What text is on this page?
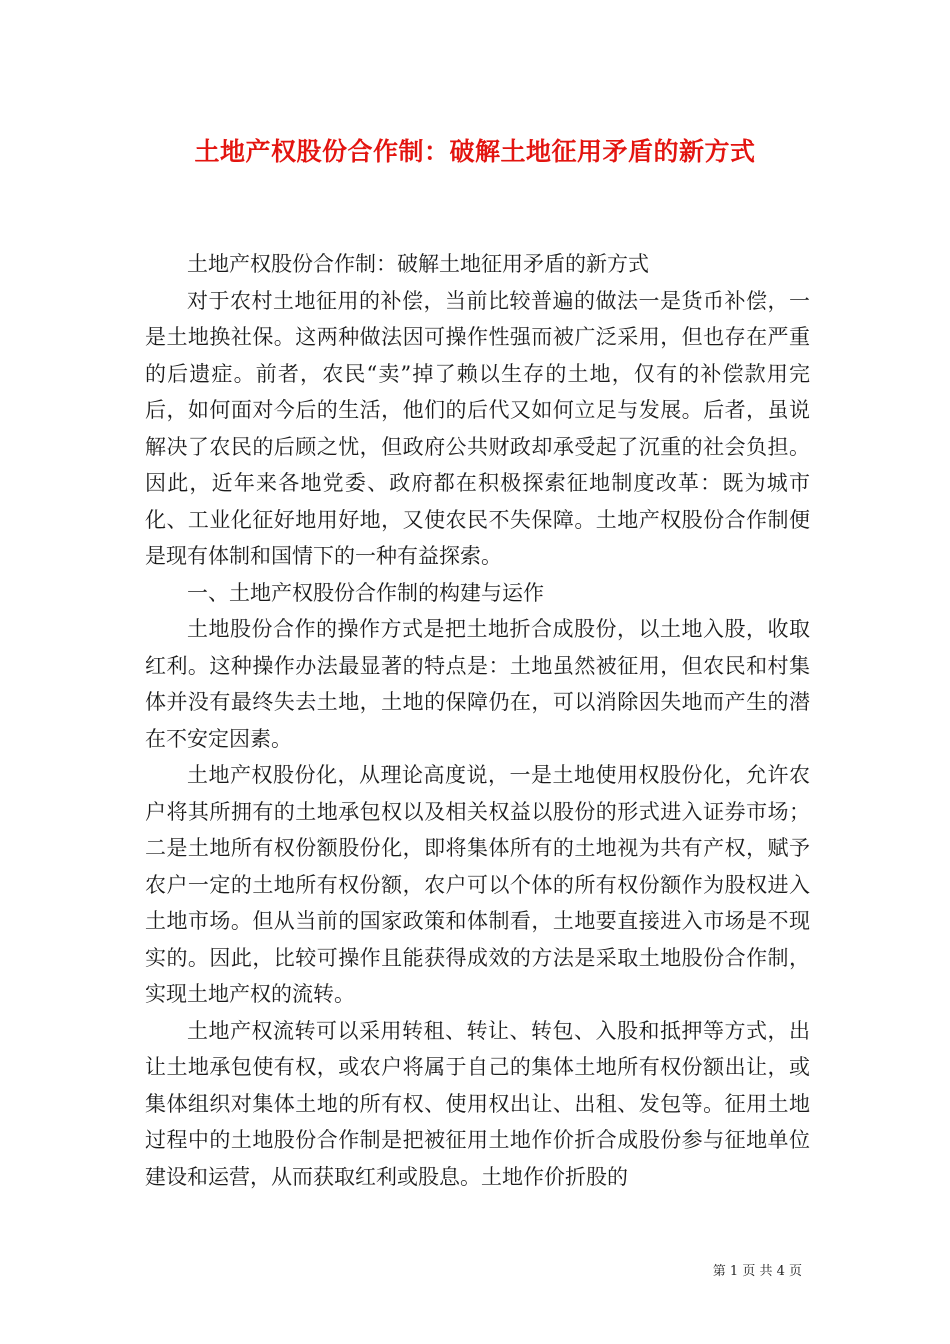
土地产权股份合作制：破解土地征用矛盾的新方式

土地产权股份合作制：破解土地征用矛盾的新方式

对于农村土地征用的补偿，当前比较普遍的做法一是货币补偿，一是土地换社保。这两种做法因可操作性强而被广泛采用，但也存在严重的后遗症。前者，农民“卖”掉了赖以生存的土地，仅有的补偿款用完后，如何面对今后的生活，他们的后代又如何立足与发展。后者，虽说解决了农民的后顾之忧，但政府公共财政却承受起了沉重的社会负担。因此，近年来各地党委、政府都在积极探索征地制度改革：既为城市化、工业化征好地用好地，又使农民不失保障。土地产权股份合作制便是现有体制和国情下的一种有益探索。

一、土地产权股份合作制的构建与运作

土地股份合作的操作方式是把土地折合成股份，以土地入股，收取红利。这种操作办法最显著的特点是：土地虽然被征用，但农民和村集体并没有最终失去土地，土地的保障仍在，可以消除因失地而产生的潜在不安定因素。

土地产权股份化，从理论高度说，一是土地使用权股份化，允许农户将其所拥有的土地承包权以及相关权益以股份的形式进入证券市场；二是土地所有权份额股份化，即将集体所有的土地视为共有产权，赋予农户一定的土地所有权份额，农户可以个体的所有权份额作为股权进入土地市场。但从当前的国家政策和体制看，土地要直接进入市场是不现实的。因此，比较可操作且能获得成效的方法是采取土地股份合作制，实现土地产权的流转。

土地产权流转可以采用转租、转让、转包、入股和抵押等方式，出让土地承包使有权，或农户将属于自己的集体土地所有权份额出让，或集体组织对集体土地的所有权、使用权出让、出租、发包等。征用土地过程中的土地股份合作制是把被征用土地作价折合成股份参与征地单位建设和运营，从而获取红利或股息。土地作价折股的

第 1 页 共 4 页
